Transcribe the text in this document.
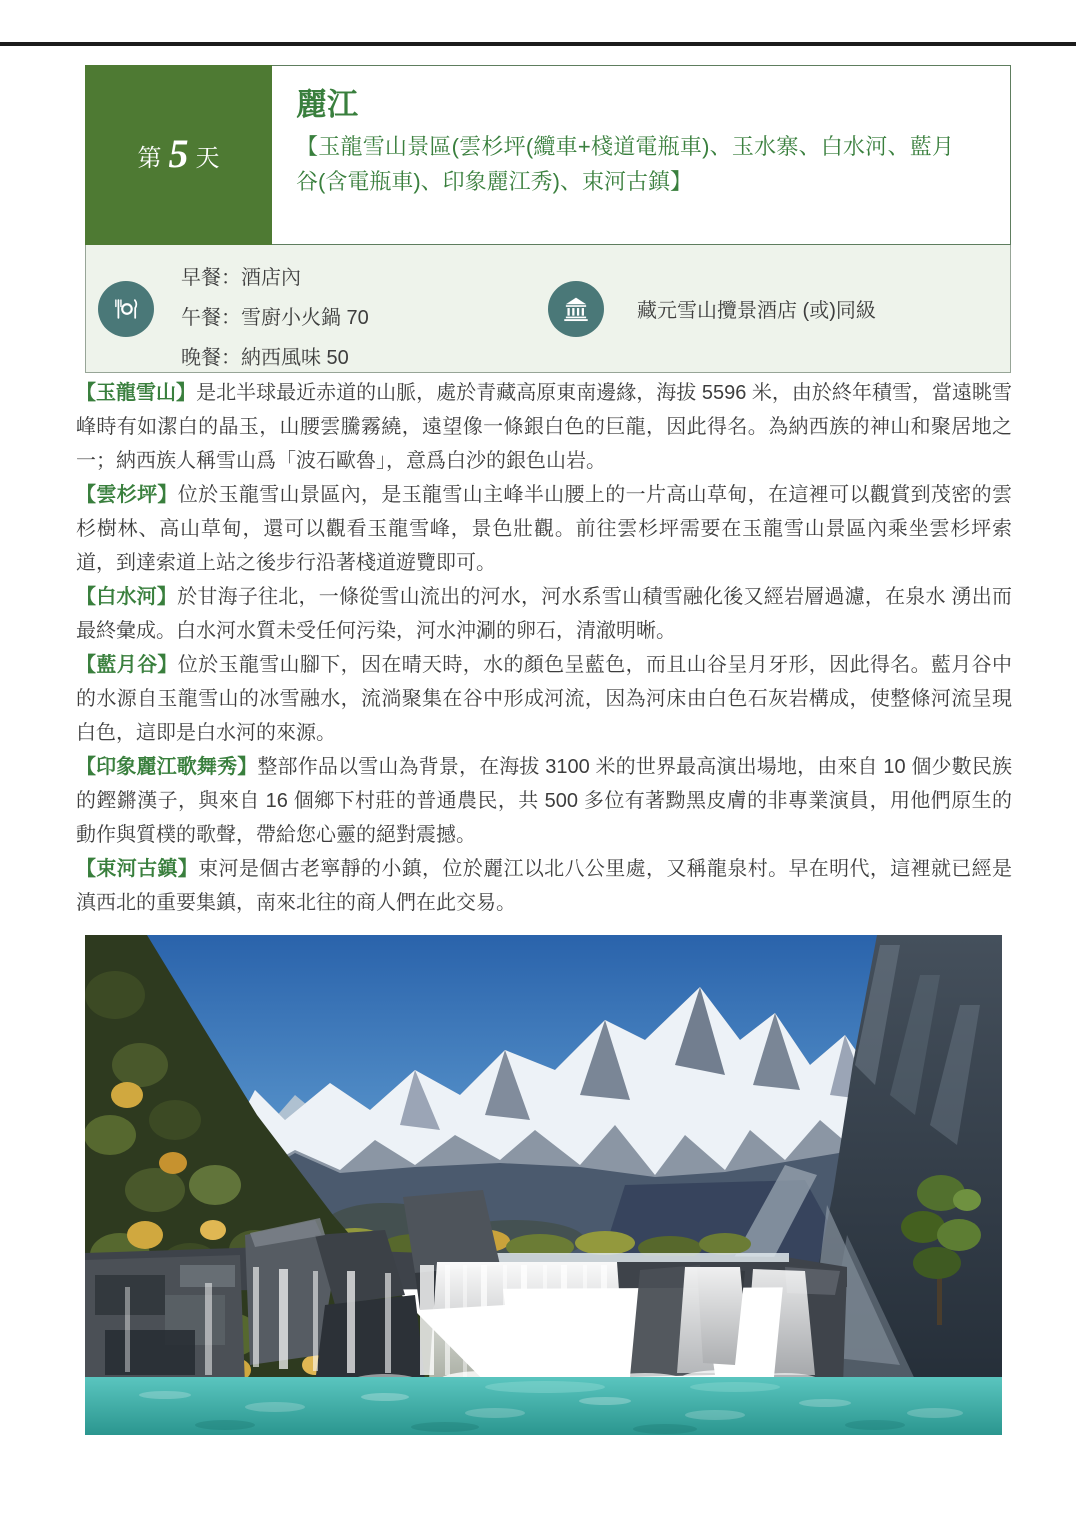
第 5 天
麗江
【玉龍雪山景區(雲杉坪(纜車+棧道電瓶車)、玉水寨、白水河、藍月谷(含電瓶車)、印象麗江秀)、束河古鎮】
早餐：酒店內
午餐：雪廚小火鍋 70
晚餐：納西風味 50
藏元雪山攬景酒店 (或)同級

【玉龍雪山】是北半球最近赤道的山脈，處於青藏高原東南邊緣，海拔 5596 米，由於終年積雪，當遠眺雪峰時有如潔白的晶玉，山腰雲騰霧繞，遠望像一條銀白色的巨龍，因此得名。為納西族的神山和聚居地之一；納西族人稱雪山爲「波石歐魯」，意爲白沙的銀色山岩。

【雲杉坪】位於玉龍雪山景區內，是玉龍雪山主峰半山腰上的一片高山草甸，在這裡可以觀賞到茂密的雲杉樹林、高山草甸，還可以觀看玉龍雪峰，景色壯觀。前往雲杉坪需要在玉龍雪山景區內乘坐雲杉坪索道，到達索道上站之後步行沿著棧道遊覽即可。

【白水河】於甘海子往北，一條從雪山流出的河水，河水系雪山積雪融化後又經岩層過濾，在泉水 湧出而最終彙成。白水河水質未受任何污染，河水沖涮的卵石，清澈明晰。

【藍月谷】位於玉龍雪山腳下，因在晴天時，水的顏色呈藍色，而且山谷呈月牙形，因此得名。藍月谷中的水源自玉龍雪山的冰雪融水，流淌聚集在谷中形成河流，因為河床由白色石灰岩構成，使整條河流呈現白色，這即是白水河的來源。

【印象麗江歌舞秀】整部作品以雪山為背景，在海拔 3100 米的世界最高演出場地，由來自 10 個少數民族的鏗鏘漢子，與來自 16 個鄉下村莊的普通農民，共 500 多位有著黝黑皮膚的非專業演員，用他們原生的動作與質樸的歌聲，帶給您心靈的絕對震撼。

【束河古鎮】束河是個古老寧靜的小鎮，位於麗江以北八公里處，又稱龍泉村。早在明代，這裡就已經是滇西北的重要集鎮，南來北往的商人們在此交易。
